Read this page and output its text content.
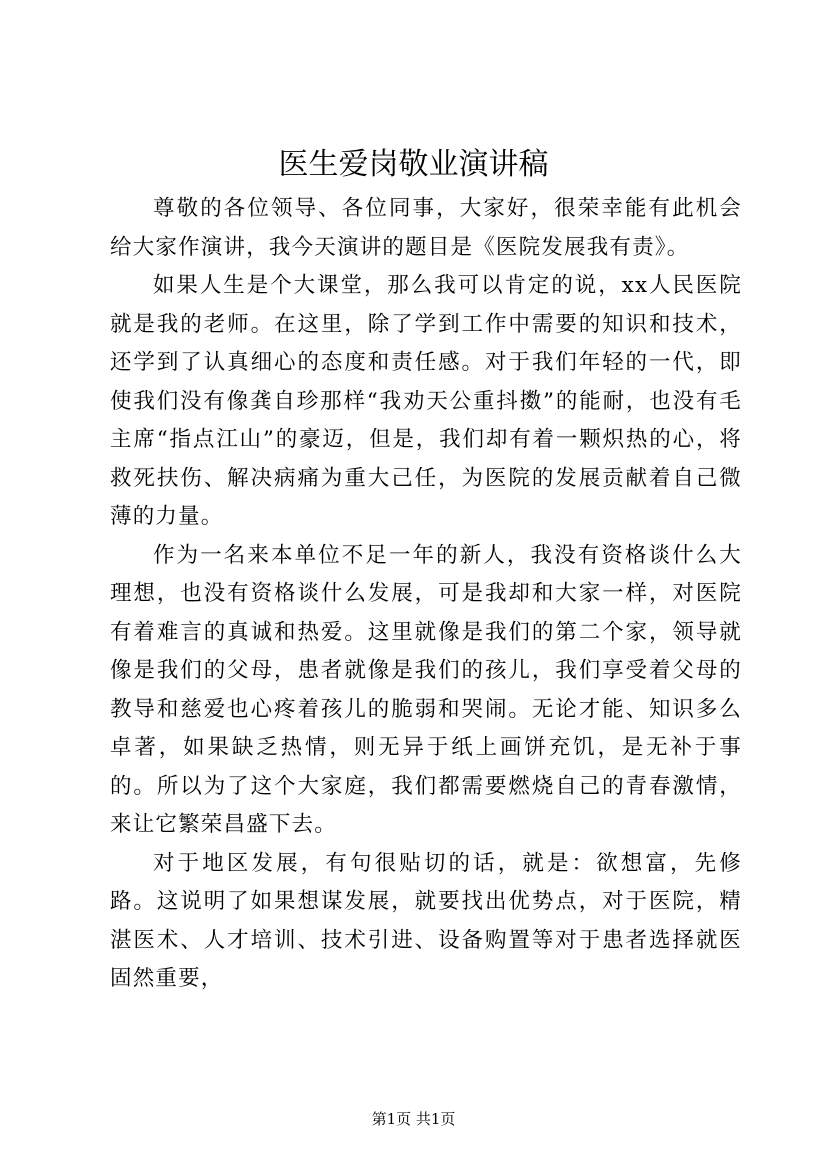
医生爱岗敬业演讲稿

尊敬的各位领导、各位同事，大家好，很荣幸能有此机会给大家作演讲，我今天演讲的题目是《医院发展我有责》。

如果人生是个大课堂，那么我可以肯定的说，xx人民医院就是我的老师。在这里，除了学到工作中需要的知识和技术，还学到了认真细心的态度和责任感。对于我们年轻的一代，即使我们没有像龚自珍那样“我劝天公重抖擞”的能耐，也没有毛主席“指点江山”的豪迈，但是，我们却有着一颗炽热的心，将救死扶伤、解决病痛为重大己任，为医院的发展贡献着自己微薄的力量。

作为一名来本单位不足一年的新人，我没有资格谈什么大理想，也没有资格谈什么发展，可是我却和大家一样，对医院有着难言的真诚和热爱。这里就像是我们的第二个家，领导就像是我们的父母，患者就像是我们的孩儿，我们享受着父母的教导和慈爱也心疼着孩儿的脆弱和哭闹。无论才能、知识多么卓著，如果缺乏热情，则无异于纸上画饼充饥，是无补于事的。所以为了这个大家庭，我们都需要燃烧自己的青春激情，来让它繁荣昌盛下去。

对于地区发展，有句很贴切的话，就是：欲想富，先修路。这说明了如果想谋发展，就要找出优势点，对于医院，精湛医术、人才培训、技术引进、设备购置等对于患者选择就医固然重要，

第1页 共1页
